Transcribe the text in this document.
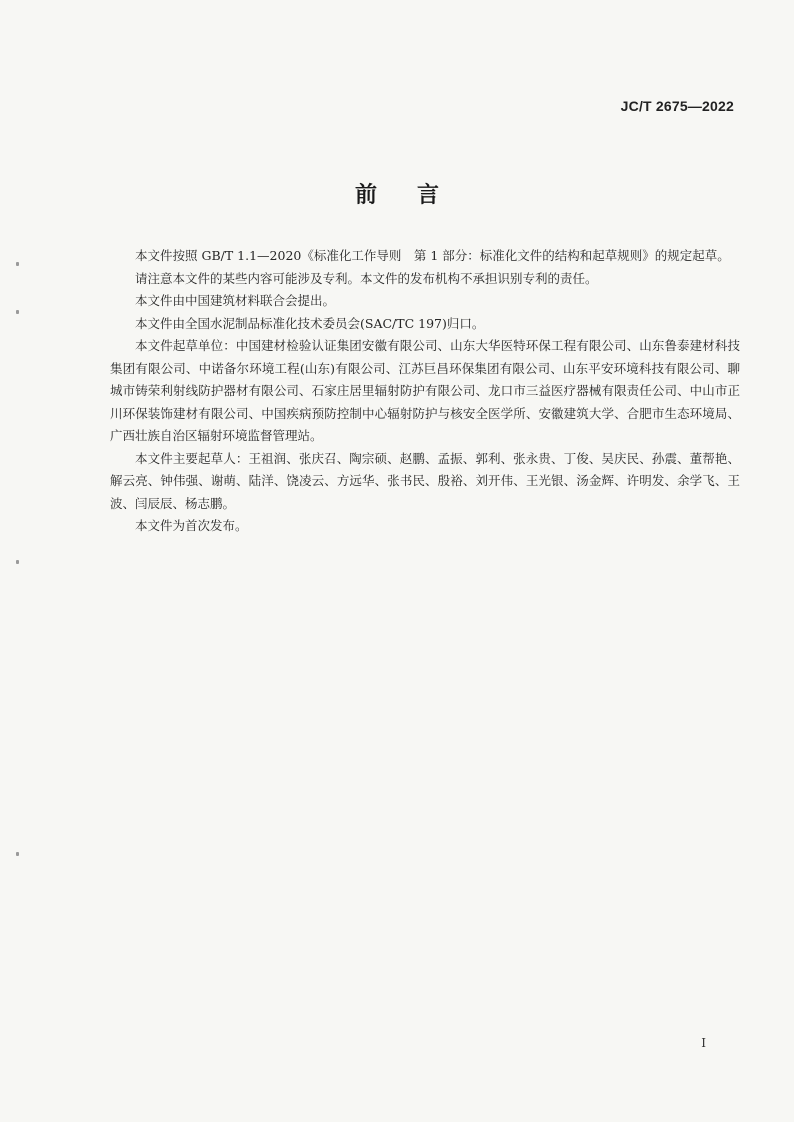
JC/T 2675—2022
前言

本文件按照 GB/T 1.1—2020《标准化工作导则　第 1 部分：标准化文件的结构和起草规则》的规定起草。

请注意本文件的某些内容可能涉及专利。本文件的发布机构不承担识别专利的责任。

本文件由中国建筑材料联合会提出。

本文件由全国水泥制品标准化技术委员会(SAC/TC 197)归口。

本文件起草单位：中国建材检验认证集团安徽有限公司、山东大华医特环保工程有限公司、山东鲁泰建材科技集团有限公司、中诺备尔环境工程(山东)有限公司、江苏巨昌环保集团有限公司、山东平安环境科技有限公司、聊城市铸荣利射线防护器材有限公司、石家庄居里辐射防护有限公司、龙口市三益医疗器械有限责任公司、中山市正川环保装饰建材有限公司、中国疾病预防控制中心辐射防护与核安全医学所、安徽建筑大学、合肥市生态环境局、广西壮族自治区辐射环境监督管理站。

本文件主要起草人：王祖润、张庆召、陶宗硕、赵鹏、孟振、郭利、张永贵、丁俊、吴庆民、孙震、董帮艳、解云亮、钟伟强、谢萌、陆洋、饶凌云、方远华、张书民、殷裕、刘开伟、王光银、汤金辉、许明发、余学飞、王波、闫辰辰、杨志鹏。

本文件为首次发布。

I
